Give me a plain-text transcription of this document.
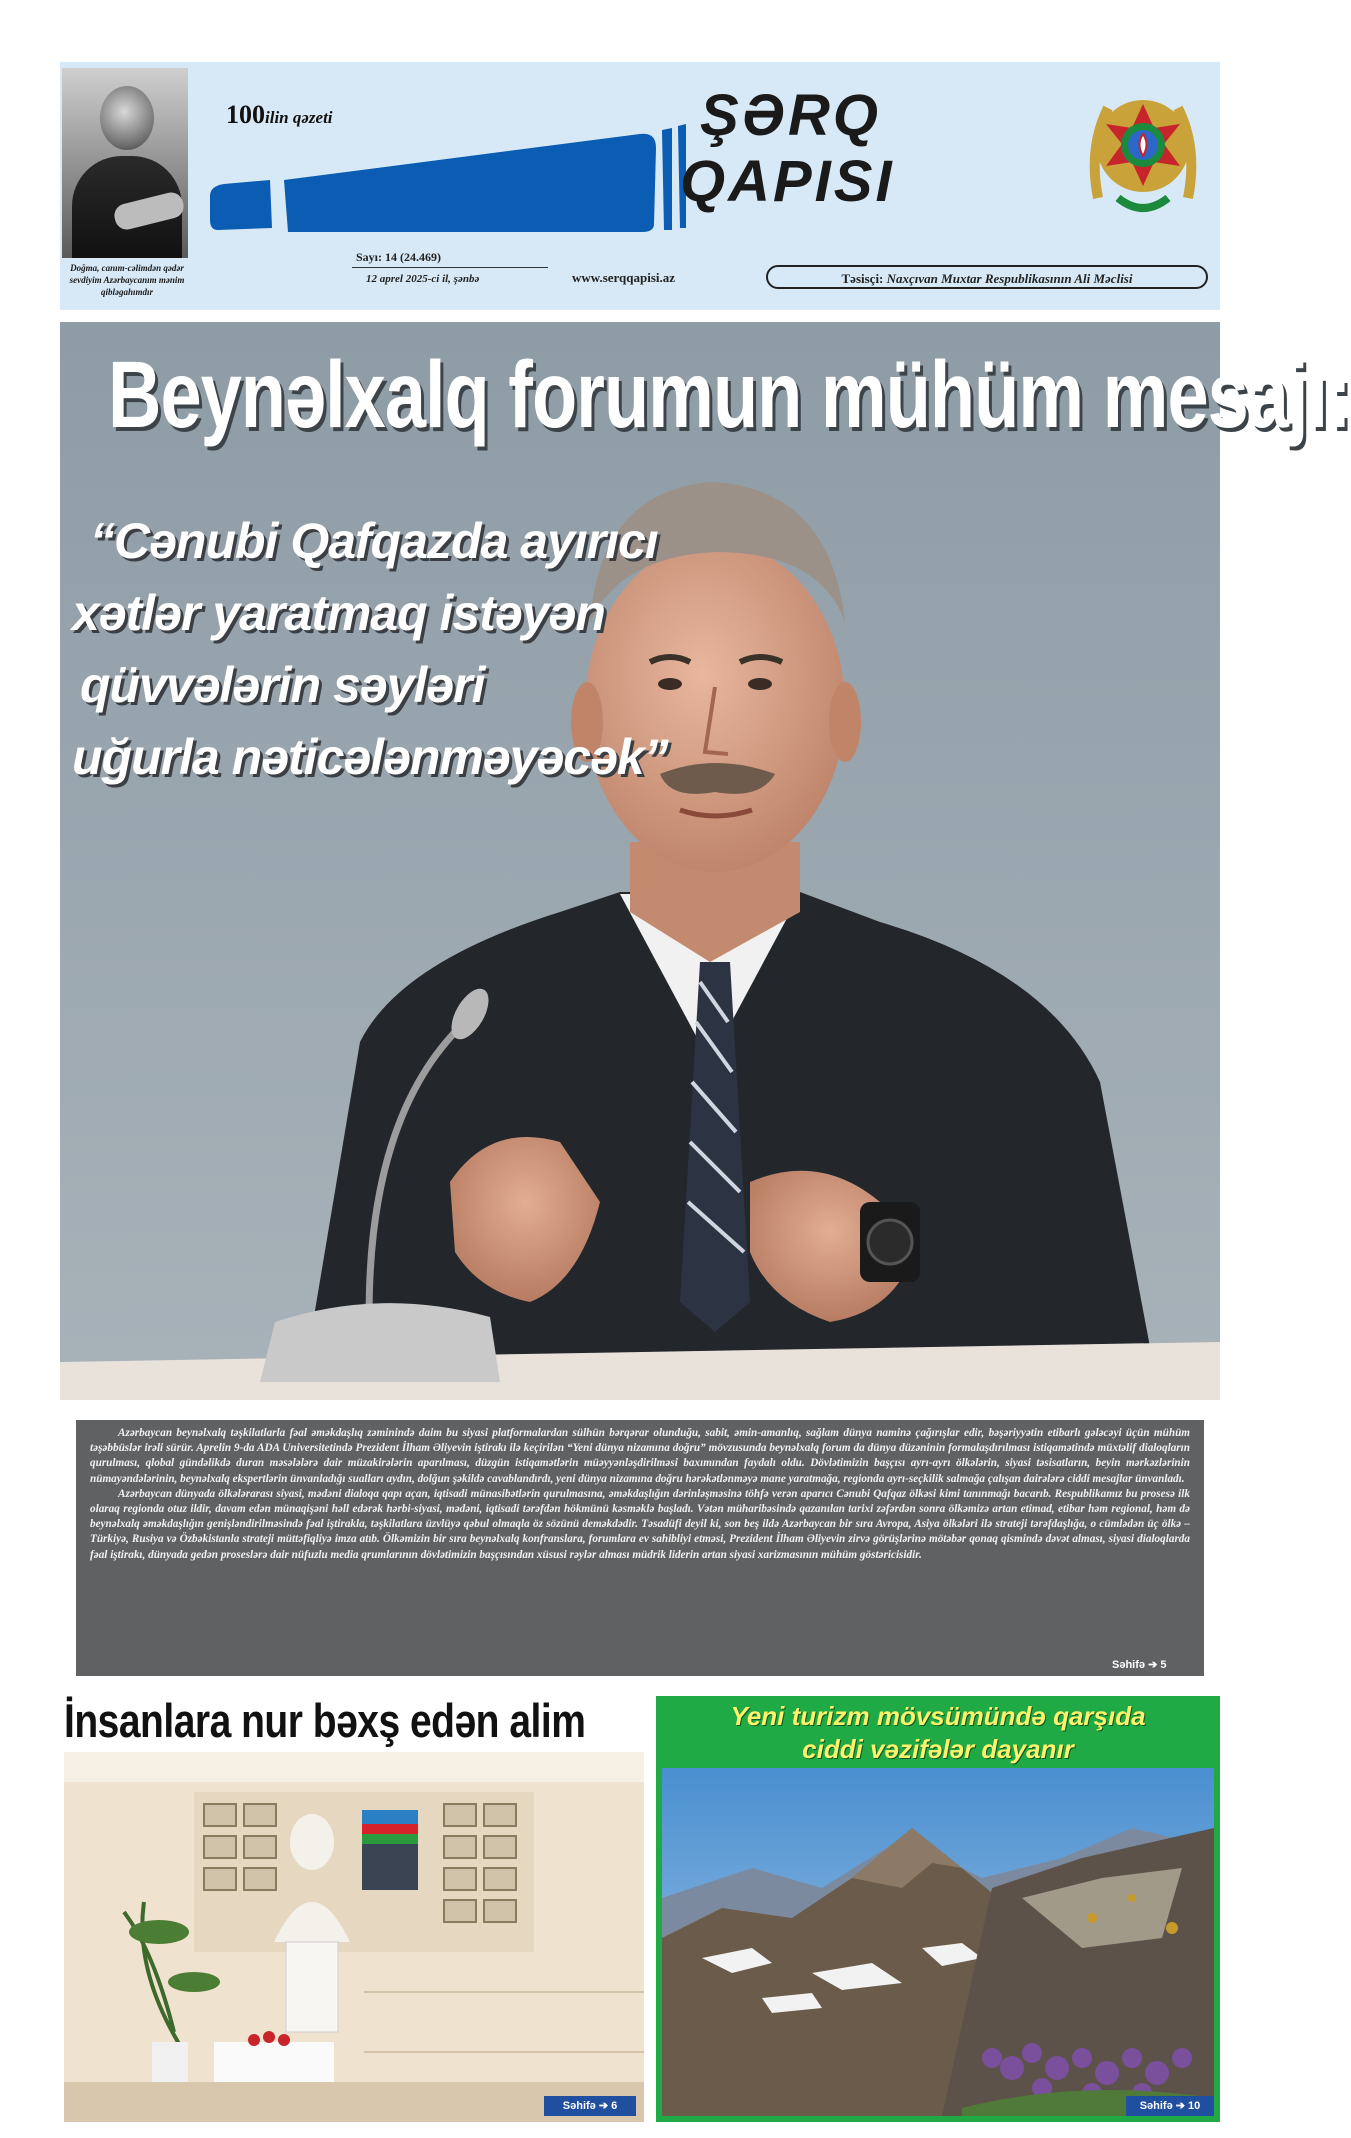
Doğma, canım-cəlimdən qədər sevdiyim Azərbaycanım mənim qibləgahımdır
100ilin qəzeti	ŞƏRQ
QAPISI
Sayı: 14 (24.469)
12 aprel 2025-ci il, şənbə	www.serqqapisi.az	Təsisçi: Naxçıvan Muxtar Respublikasının Ali Məclisi
Beynəlxalq forumun mühüm mesajı:
“Cənubi Qafqazda ayırıcı
xətlər yaratmaq istəyən
qüvvələrin səyləri
uğurla nəticələnməyəcək”

Azərbaycan beynəlxalq təşkilatlarla fəal əməkdaşlıq zəminində daim bu siyasi platformalardan sülhün bərqərar olunduğu, sabit, əmin-amanlıq, sağlam dünya naminə çağırışlar edir, bəşəriyyətin etibarlı gələcəyi üçün mühüm təşəbbüslər irəli sürür. Aprelin 9-da ADA Universitetində Prezident İlham Əliyevin iştirakı ilə keçirilən “Yeni dünya nizamına doğru” mövzusunda beynəlxalq forum da dünya düzəninin formalaşdırılması istiqamətində müxtəlif dialoqların qurulması, qlobal gündəlikdə duran məsələlərə dair müzakirələrin aparılması, düzgün istiqamətlərin müəyyənləşdirilməsi baxımından faydalı oldu. Dövlətimizin başçısı ayrı-ayrı ölkələrin, siyasi təsisatların, beyin mərkəzlərinin nümayəndələrinin, beynəlxalq ekspertlərin ünvanladığı sualları aydın, dolğun şəkildə cavablandırdı, yeni dünya nizamına doğru hərəkətlənməyə mane yaratmağa, regionda ayrı-seçkilik salmağa çalışan dairələrə ciddi mesajlar ünvanladı.

Azərbaycan dünyada ölkələrarası siyasi, mədəni dialoqa qapı açan, iqtisadi münasibətlərin qurulmasına, əməkdaşlığın dərinləşməsinə töhfə verən aparıcı Cənubi Qafqaz ölkəsi kimi tanınmağı bacarıb. Respublikamız bu prosesə ilk olaraq regionda otuz ildir, davam edən münaqişəni həll edərək hərbi-siyasi, mədəni, iqtisadi tərəfdən hökmünü kəsməklə başladı. Vətən müharibəsində qazanılan tarixi zəfərdən sonra ölkəmizə artan etimad, etibar həm regional, həm də beynəlxalq əməkdaşlığın genişləndirilməsində fəal iştirakla, təşkilatlara üzvlüyə qəbul olmaqla öz sözünü deməkdədir. Təsadüfi deyil ki, son beş ildə Azərbaycan bir sıra Avropa, Asiya ölkələri ilə strateji tərəfdaşlığa, o cümlədən üç ölkə – Türkiyə, Rusiya və Özbəkistanla strateji müttəfiqliyə imza atıb. Ölkəmizin bir sıra beynəlxalq konfranslara, forumlara ev sahibliyi etməsi, Prezident İlham Əliyevin zirvə görüşlərinə mötəbər qonaq qismində dəvət alması, siyasi dialoqlarda fəal iştirakı, dünyada gedən proseslərə dair nüfuzlu media qrumlarının dövlətimizin başçısından xüsusi rəylər alması müdrik liderin artan siyasi xarizmasının mühüm göstəricisidir.

Səhifə ➔ 5
İnsanlara nur bəxş edən alim
Səhifə ➔ 6
Yeni turizm mövsümündə qarşıda
ciddi vəzifələr dayanır
Səhifə ➔ 10
